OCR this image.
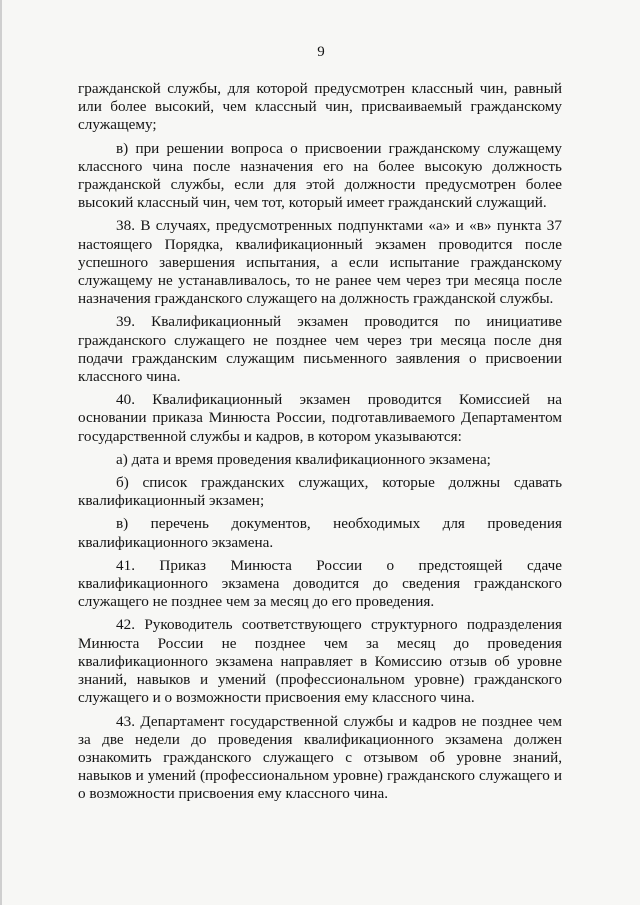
9

гражданской службы, для которой предусмотрен классный чин, равный или более высокий, чем классный чин, присваиваемый гражданскому служащему;

в) при решении вопроса о присвоении гражданскому служащему классного чина после назначения его на более высокую должность гражданской службы, если для этой должности предусмотрен более высокий классный чин, чем тот, который имеет гражданский служащий.

38. В случаях, предусмотренных подпунктами «а» и «в» пункта 37 настоящего Порядка, квалификационный экзамен проводится после успешного завершения испытания, а если испытание гражданскому служащему не устанавливалось, то не ранее чем через три месяца после назначения гражданского служащего на должность гражданской службы.

39. Квалификационный экзамен проводится по инициативе гражданского служащего не позднее чем через три месяца после дня подачи гражданским служащим письменного заявления о присвоении классного чина.

40. Квалификационный экзамен проводится Комиссией на основании приказа Минюста России, подготавливаемого Департаментом государственной службы и кадров, в котором указываются:

а) дата и время проведения квалификационного экзамена;

б) список гражданских служащих, которые должны сдавать квалификационный экзамен;

в) перечень документов, необходимых для проведения квалификационного экзамена.

41. Приказ Минюста России о предстоящей сдаче квалификационного экзамена доводится до сведения гражданского служащего не позднее чем за месяц до его проведения.

42. Руководитель соответствующего структурного подразделения Минюста России не позднее чем за месяц до проведения квалификационного экзамена направляет в Комиссию отзыв об уровне знаний, навыков и умений (профессиональном уровне) гражданского служащего и о возможности присвоения ему классного чина.

43. Департамент государственной службы и кадров не позднее чем за две недели до проведения квалификационного экзамена должен ознакомить гражданского служащего с отзывом об уровне знаний, навыков и умений (профессиональном уровне) гражданского служащего и о возможности присвоения ему классного чина.
